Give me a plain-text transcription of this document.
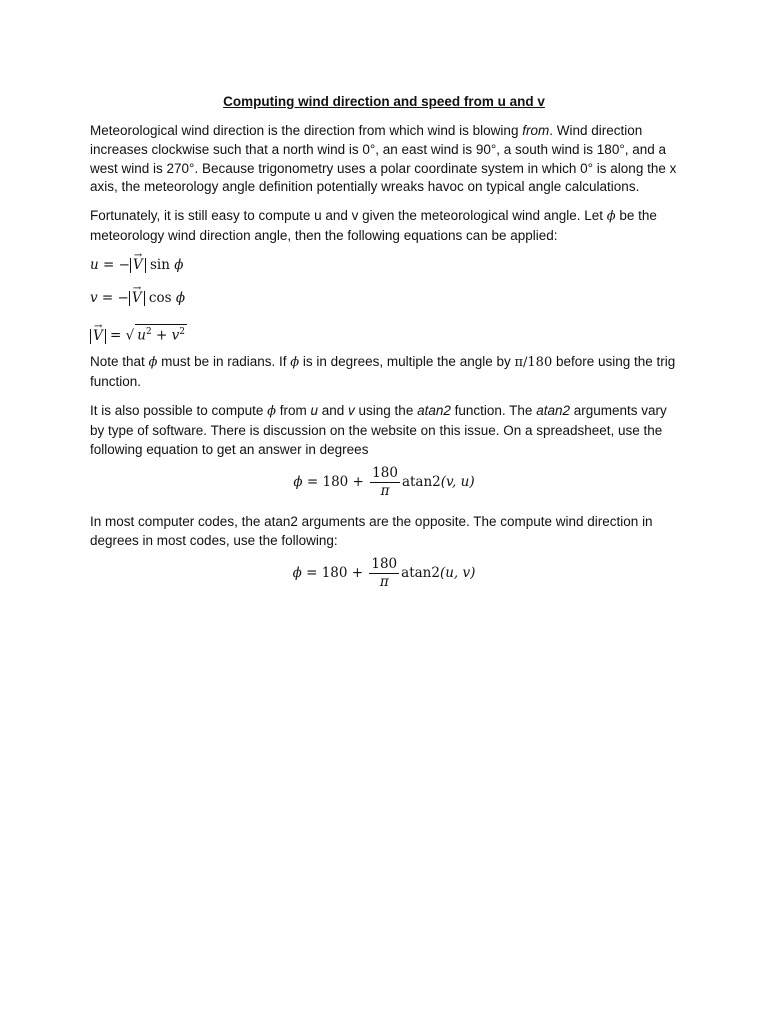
Computing wind direction and speed from u and v
Meteorological wind direction is the direction from which wind is blowing from. Wind direction increases clockwise such that a north wind is 0°, an east wind is 90°, a south wind is 180°, and a west wind is 270°. Because trigonometry uses a polar coordinate system in which 0° is along the x axis, the meteorology angle definition potentially wreaks havoc on typical angle calculations.
Fortunately, it is still easy to compute u and v given the meteorological wind angle. Let ϕ be the meteorology wind direction angle, then the following equations can be applied:
u = − → V sin ϕ
v = − → V cos ϕ
→ V = √ $u^2 + v^2$
Note that ϕ must be in radians. If ϕ is in degrees, multiple the angle by π/180 before using the trig function.
It is also possible to compute ϕ from u and v using the atan2 function. The atan2 arguments vary by type of software. There is discussion on the website on this issue. On a spreadsheet, use the following equation to get an answer in degrees
$\phi = 180 + \frac{180}{\pi} atan2(v$, u)
In most computer codes, the atan2 arguments are the opposite. The compute wind direction in degrees in most codes, use the following:
$\phi = 180 + \frac{180}{\pi} atan2(u$, v)
